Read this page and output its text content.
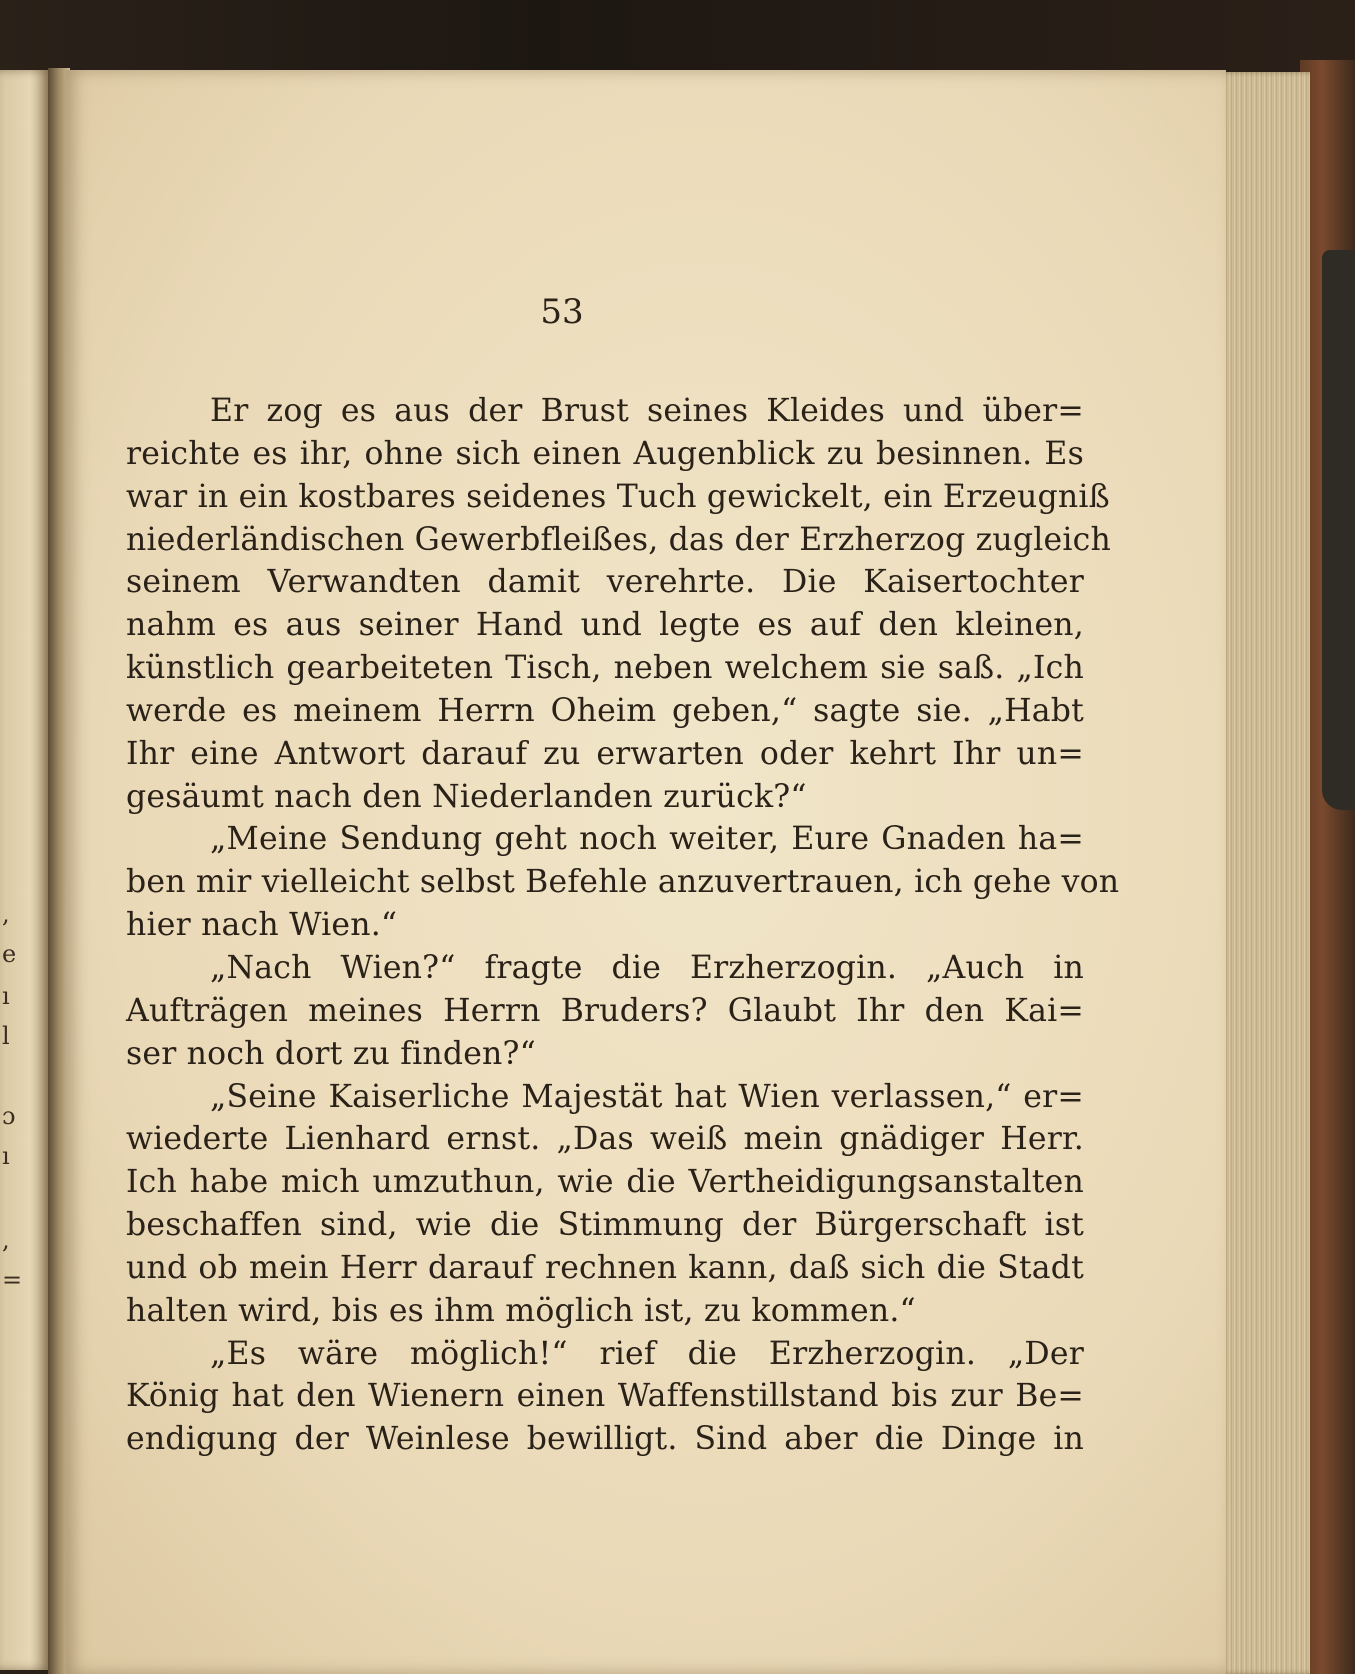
,
e
ı
l
ɔ
ı
,
=
53
Er zog es aus der Brust seines Kleides und über=
reichte es ihr, ohne sich einen Augenblick zu besinnen. Es
war in ein kostbares seidenes Tuch gewickelt, ein Erzeugniß
niederländischen Gewerbfleißes, das der Erzherzog zugleich
seinem Verwandten damit verehrte. Die Kaisertochter
nahm es aus seiner Hand und legte es auf den kleinen,
künstlich gearbeiteten Tisch, neben welchem sie saß. „Ich
werde es meinem Herrn Oheim geben,“ sagte sie. „Habt
Ihr eine Antwort darauf zu erwarten oder kehrt Ihr un=
gesäumt nach den Niederlanden zurück?“
„Meine Sendung geht noch weiter, Eure Gnaden ha=
ben mir vielleicht selbst Befehle anzuvertrauen, ich gehe von
hier nach Wien.“
„Nach Wien?“ fragte die Erzherzogin. „Auch in
Aufträgen meines Herrn Bruders? Glaubt Ihr den Kai=
ser noch dort zu finden?“
„Seine Kaiserliche Majestät hat Wien verlassen,“ er=
wiederte Lienhard ernst. „Das weiß mein gnädiger Herr.
Ich habe mich umzuthun, wie die Vertheidigungsanstalten
beschaffen sind, wie die Stimmung der Bürgerschaft ist
und ob mein Herr darauf rechnen kann, daß sich die Stadt
halten wird, bis es ihm möglich ist, zu kommen.“
„Es wäre möglich!“ rief die Erzherzogin. „Der
König hat den Wienern einen Waffenstillstand bis zur Be=
endigung der Weinlese bewilligt. Sind aber die Dinge in
